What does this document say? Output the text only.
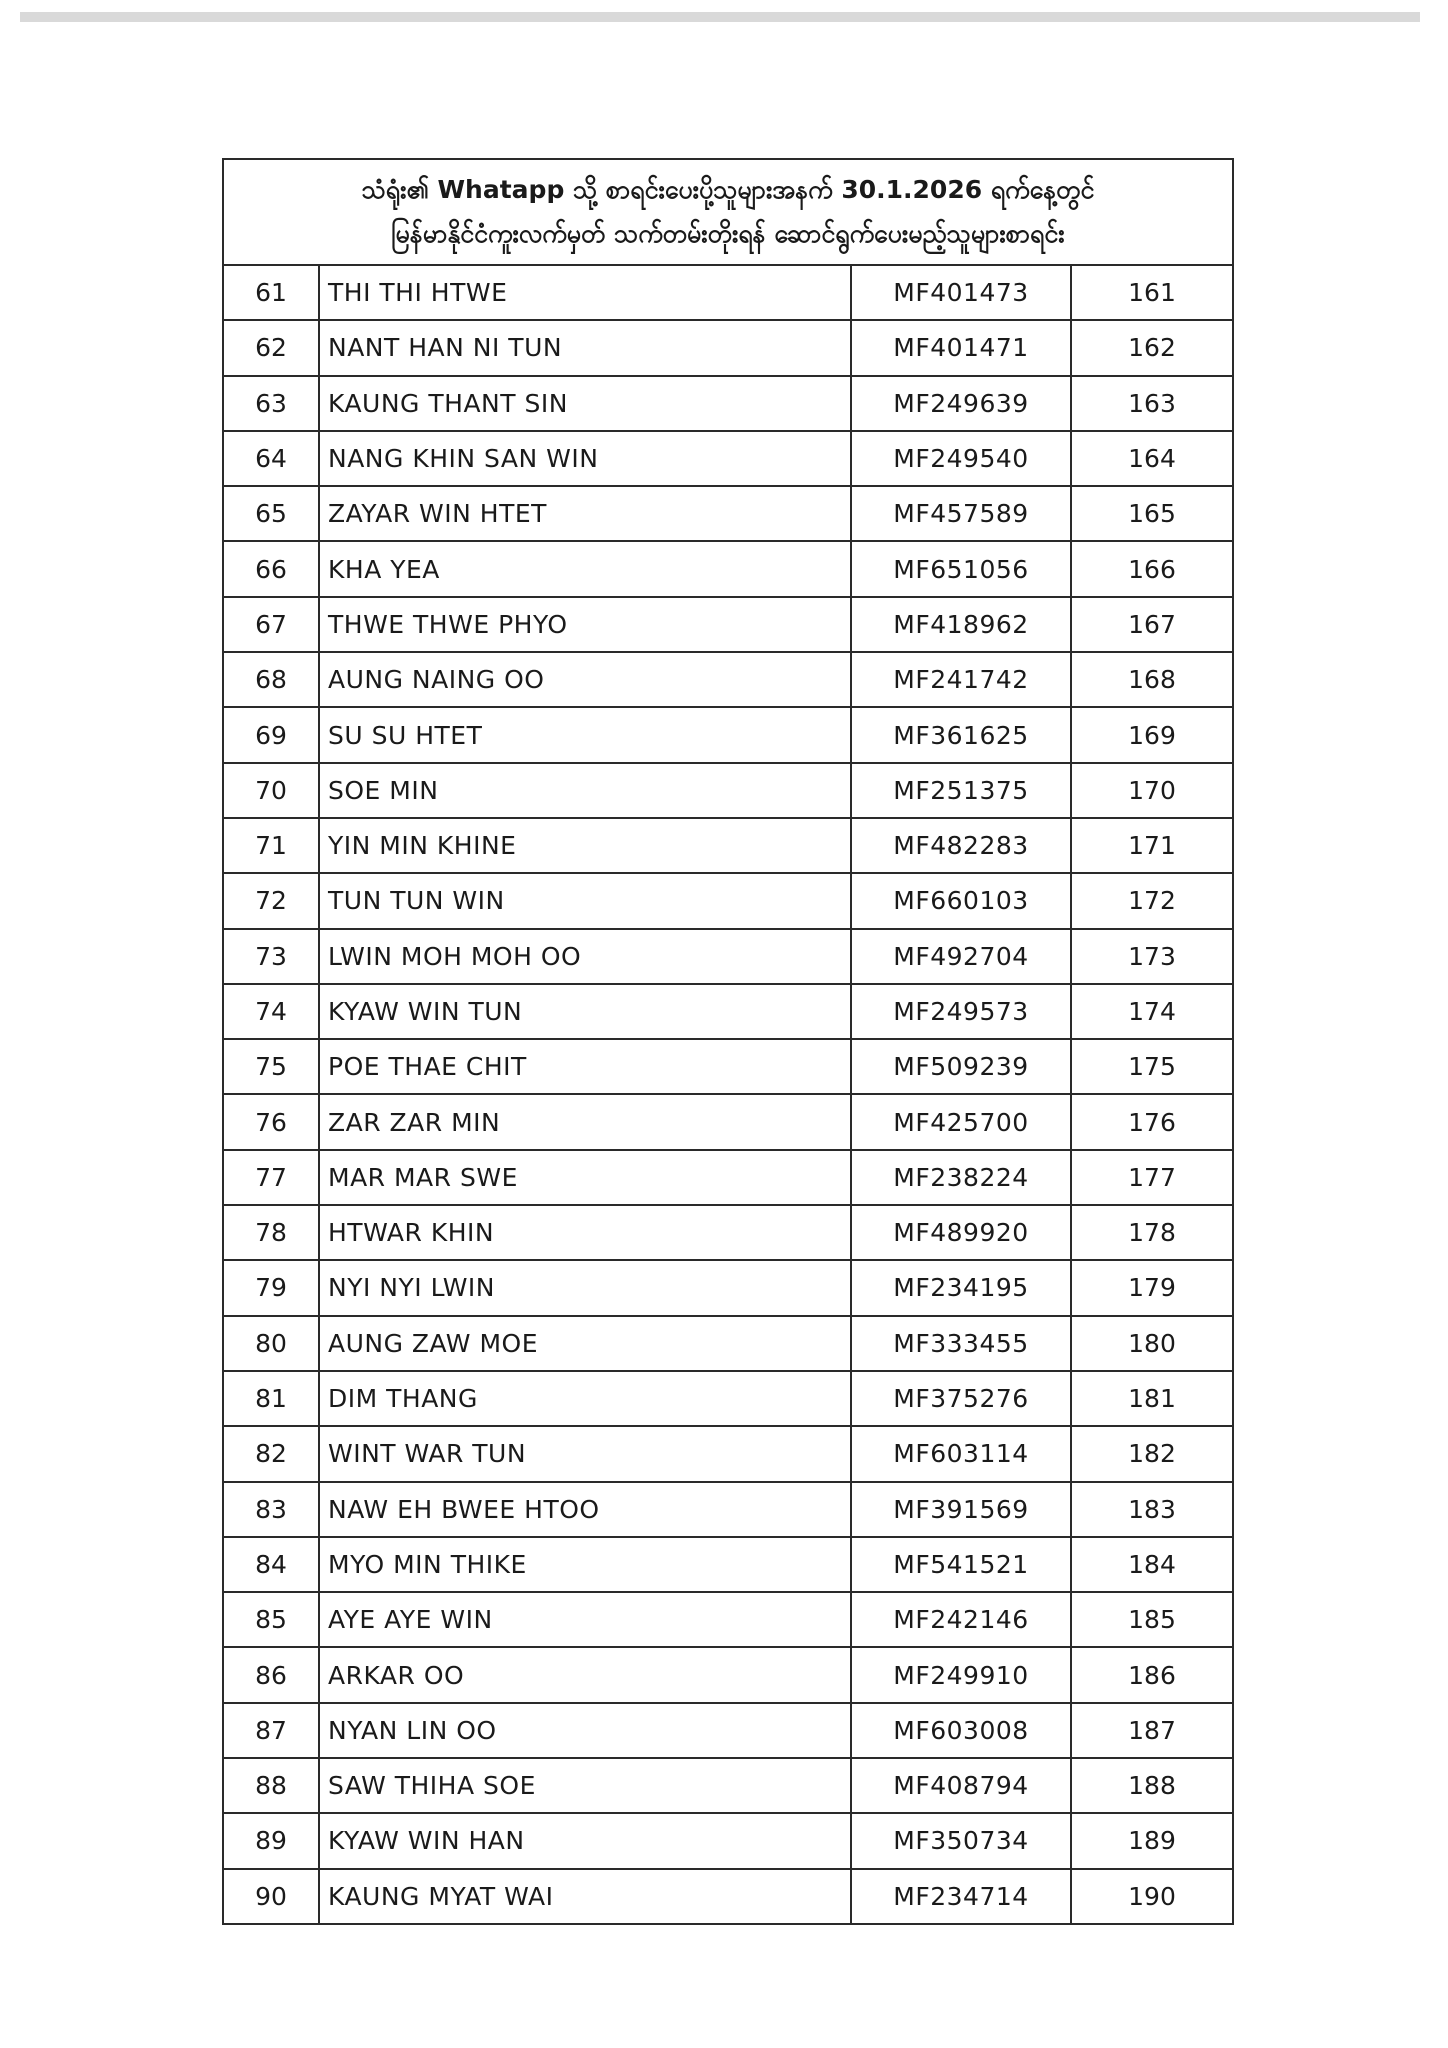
သံရုံး၏ Whatapp သို့ စာရင်းပေးပို့သူများအနက် 30.1.2026 ရက်နေ့တွင်
မြန်မာနိုင်ငံကူးလက်မှတ် သက်တမ်းတိုးရန် ဆောင်ရွက်ပေးမည့်သူများစာရင်း
61	THI THI HTWE	MF401473	161
62	NANT HAN NI TUN	MF401471	162
63	KAUNG THANT SIN	MF249639	163
64	NANG KHIN SAN WIN	MF249540	164
65	ZAYAR WIN HTET	MF457589	165
66	KHA YEA	MF651056	166
67	THWE THWE PHYO	MF418962	167
68	AUNG NAING OO	MF241742	168
69	SU SU HTET	MF361625	169
70	SOE MIN	MF251375	170
71	YIN MIN KHINE	MF482283	171
72	TUN TUN WIN	MF660103	172
73	LWIN MOH MOH OO	MF492704	173
74	KYAW WIN TUN	MF249573	174
75	POE THAE CHIT	MF509239	175
76	ZAR ZAR MIN	MF425700	176
77	MAR MAR SWE	MF238224	177
78	HTWAR KHIN	MF489920	178
79	NYI NYI LWIN	MF234195	179
80	AUNG ZAW MOE	MF333455	180
81	DIM THANG	MF375276	181
82	WINT WAR TUN	MF603114	182
83	NAW EH BWEE HTOO	MF391569	183
84	MYO MIN THIKE	MF541521	184
85	AYE AYE WIN	MF242146	185
86	ARKAR OO	MF249910	186
87	NYAN LIN OO	MF603008	187
88	SAW THIHA SOE	MF408794	188
89	KYAW WIN HAN	MF350734	189
90	KAUNG MYAT WAI	MF234714	190
